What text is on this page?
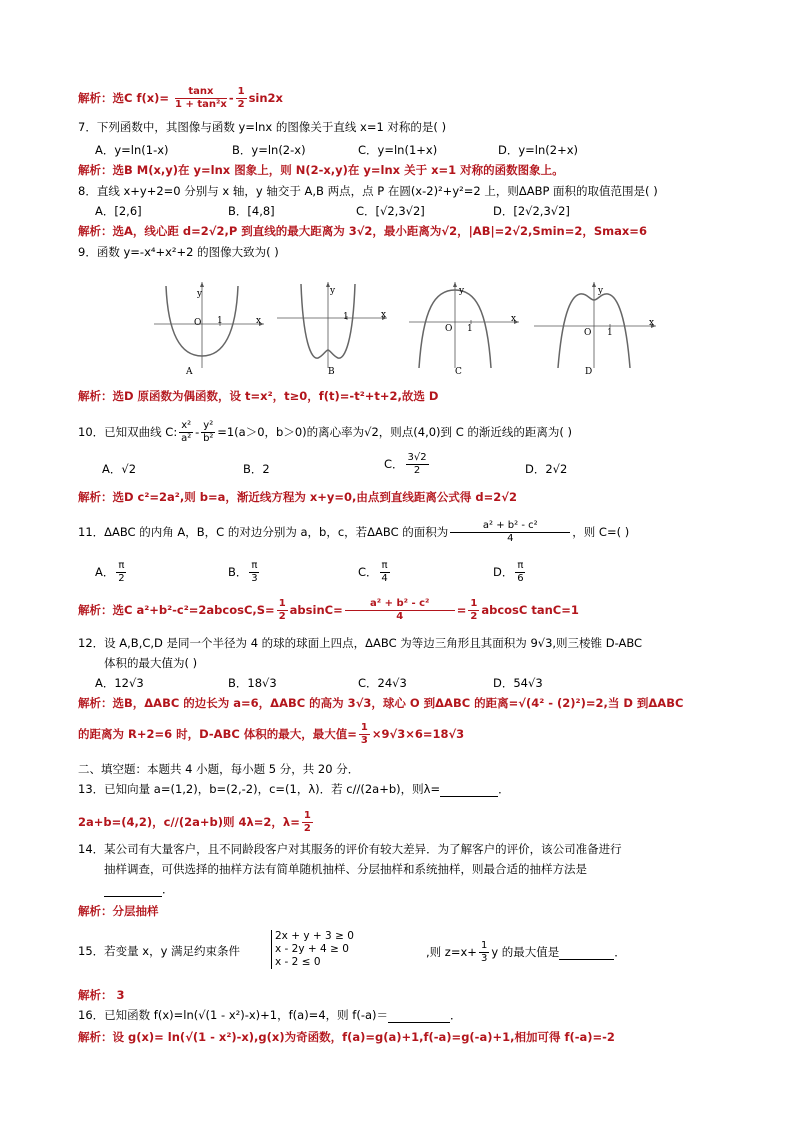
解析：选C $f(x)= \frac{\tan x}{\text{1 + tan²x}} - \frac{1}{2} \sin 2x$
7．下列函数中，其图像与函数 y=lnx 的图像关于直线 x=1 对称的是( )
A．y=ln(1-x)	B．y=ln(2-x)	C．y=ln(1+x)	D．y=ln(2+x)
解析：选B M(x,y)在 y=lnx 图象上，则 N(2-x,y)在 y=lnx 关于 x=1 对称的函数图象上。
8．直线 x+y+2=0 分别与 x 轴，y 轴交于 A,B 两点，点 P 在圆(x-2)²+y²=2 上，则ΔABP 面积的取值范围是( )
A．[2,6]	B．[4,8]	C．[√2,3√2]	D．[2√2,3√2]
解析：选A，线心距 d=2√2,P 到直线的最大距离为 3√2，最小距离为√2，|AB|=2√2,Smin=2，Smax=6
9．函数 y=-x⁴+x²+2 的图像大致为( )
y
x
O 1
A
y
x
1
B
y
x
O 1
C
y
x
O 1
D
解析：选D 原函数为偶函数，设 t=x²，t≥0，f(t)=-t²+t+2,故选 D
10．已知双曲线 C: $\frac{\text{x²}}{\text{a²}} - \frac{\text{y²}}{\text{b²}} =1(a>0$，b＞0)的离心率为√2，则点(4,0)到 C 的渐近线的距离为( )
A．√2	B．2	C． $\frac{3√2}{2}$	D．2√2
解析：选D c²=2a²,则 b=a，渐近线方程为 x+y=0,由点到直线距离公式得 d=2√2
11．ΔABC 的内角 A，B，C 的对边分别为 a，b，c，若ΔABC 的面积为 $\frac{\text{a² + b² - c²}}{4}$ ，则 C=( )
A． $\frac{\pi}{2}$	B． $\frac{\pi}{3}$	C． $\frac{\pi}{4}$	D． $\frac{\pi}{6}$
解析：选C $a^2+b^2-c^2=2abcosC,S= \frac{1}{2} absinC= \frac{\text{a² + b² - c²}}{4} = \frac{1}{2}$ abcosC tanC=1
12．设 A,B,C,D 是同一个半径为 4 的球的球面上四点，ΔABC 为等边三角形且其面积为 9√3,则三棱锥 D-ABC
体积的最大值为( )
A．12√3	B．18√3	C．24√3	D．54√3
解析：选B，ΔABC 的边长为 a=6，ΔABC 的高为 3√3，球心 O 到ΔABC 的距离=√(4² - (2)²)=2,当 D 到ΔABC
的距离为 R+2=6 时，D-ABC 体积的最大，最大值= $\frac{1}{3} \times 9√3\times 6=18√3$
二、填空题：本题共 4 小题，每小题 5 分，共 20 分．
13．已知向量 a=(1,2)，b=(2,-2)，c=(1，λ)．若 c//(2a+b)，则λ=	．
2a+b=(4,2)，c//(2a+b)则 4λ=2，$\lambda= \frac{1}{2}$
14．某公司有大量客户，且不同龄段客户对其服务的评价有较大差异．为了解客户的评价，该公司准备进行
抽样调查，可供选择的抽样方法有简单随机抽样、分层抽样和系统抽样，则最合适的抽样方法是
．
解析：分层抽样
15．若变量 x，y 满足约束条件
2x + y + 3 ≥ 0
x - 2y + 4 ≥ 0
x - 2 ≤ 0
,则 $z=x+ \frac{1}{3}$ y 的最大值是	．
解析： 3
16．已知函数 f(x)=ln(√(1 - x²)-x)+1，f(a)=4，则 f(-a)＝	．
解析：设 g(x)= ln(√(1 - x²)-x),g(x)为奇函数，f(a)=g(a)+1,f(-a)=g(-a)+1,相加可得 f(-a)=-2
